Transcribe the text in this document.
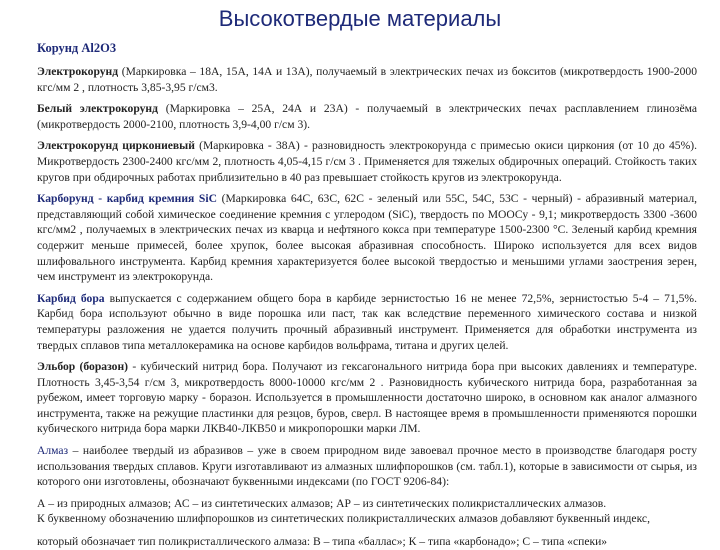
Высокотвердые материалы
Корунд Al2O3
Электрокорунд (Маркировка – 18А, 15А, 14А и 13А), получаемый в электрических печах из бокситов (микротвердость 1900-2000 кгс/мм 2 , плотность 3,85-3,95 г/см3.
Белый электрокорунд (Маркировка – 25А, 24А и 23А) - получаемый в электрических печах расплавлением глинозёма (микротвердость 2000-2100, плотность 3,9-4,00 г/см 3).
Электрокорунд циркониевый (Маркировка - 38А) - разновидность электрокорунда с примесью окиси циркония (от 10 до 45%). Микротвердость 2300-2400 кгс/мм 2, плотность 4,05-4,15 г/см 3 . Применяется для тяжелых обдирочных операций. Стойкость таких кругов при обдирочных работах приблизительно в 40 раз превышает стойкость кругов из электрокорунда.
Карборунд - карбид кремния SiC (Маркировка 64С, 63С, 62С - зеленый или 55С, 54С, 53С - черный) - абразивный материал, представляющий собой химическое соединение кремния с углеродом (SiC), твердость по МООСу - 9,1; микротвердость 3300 -3600 кгс/мм2 , получаемых в электрических печах из кварца и нефтяного кокса при температуре 1500-2300 °С. Зеленый карбид кремния содержит меньше примесей, более хрупок, более высокая абразивная способность. Широко используется для всех видов шлифовального инструмента. Карбид кремния характеризуется более высокой твердостью и меньшими углами заострения зерен, чем инструмент из электрокорунда.
Карбид бора выпускается с содержанием общего бора в карбиде зернистостью 16 не менее 72,5%, зернистостью 5-4 – 71,5%. Карбид бора используют обычно в виде порошка или паст, так как вследствие переменного химического состава и низкой температуры разложения не удается получить прочный абразивный инструмент. Применяется для обработки инструмента из твердых сплавов типа металлокерамика на основе карбидов вольфрама, титана и других целей.
Эльбор (боразон) - кубический нитрид бора. Получают из гексагонального нитрида бора при высоких давлениях и температуре. Плотность 3,45-3,54 г/см 3, микротвердость 8000-10000 кгс/мм 2 . Разновидность кубического нитрида бора, разработанная за рубежом, имеет торговую марку - боразон. Используется в промышленности достаточно широко, в основном как аналог алмазного инструмента, также на режущие пластинки для резцов, буров, сверл. В настоящее время в промышленности применяются порошки кубического нитрида бора марки ЛКВ40-ЛКВ50 и микропорошки марки ЛМ.
Алмаз – наиболее твердый из абразивов – уже в своем природном виде завоевал прочное место в производстве благодаря росту использования твердых сплавов. Круги изготавливают из алмазных шлифпорошков (см. табл.1), которые в зависимости от сырья, из которого они изготовлены, обозначают буквенными индексами (по ГОСТ 9206-84):
А – из природных алмазов; АС – из синтетических алмазов; АР – из синтетических поликристаллических алмазов.
К буквенному обозначению шлифпорошков из синтетических поликристаллических алмазов добавляют буквенный индекс,
который обозначает тип поликристаллического алмаза: В – типа «баллас»; К – типа «карбонадо»; С – типа «спеки»
